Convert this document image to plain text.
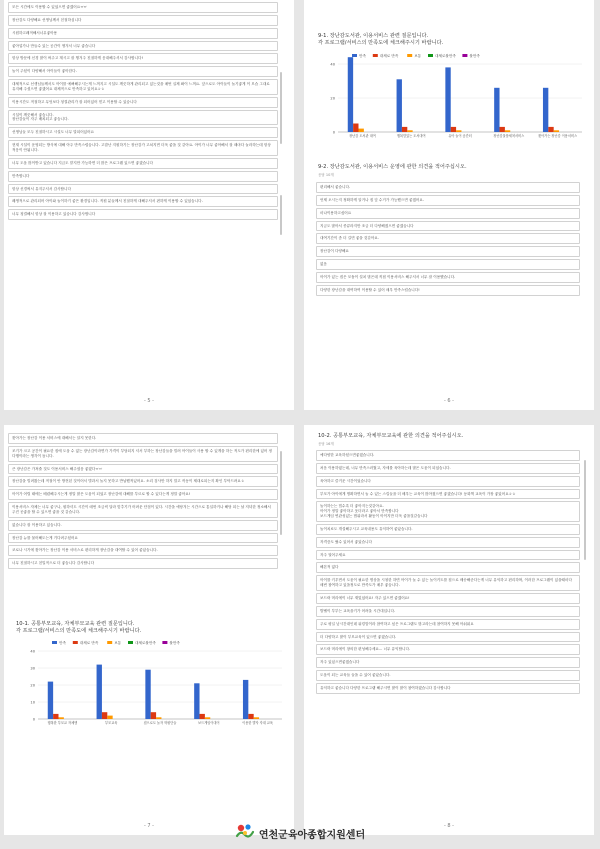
모든 시간에도 이용할 수 있었으면 좋겠어요ㅠㅠ
장난감도 다양해요 선생님께서 친절하십니다
시원하고쾌적해서너무좋아용
좋아업가나 만들수 있는 공간이 생겨서 너무 좋습니다
항상 방문에 신경 많이 써주고 계시고 잘 챙겨주 친절하게 응대해주셔서 감사합니다!
놀이 주셨이 다양해서 아이들이 좋아한다.
대체적으로 선생님들께서도 아이를 예뻐해주시는게 느껴지고 시설도 깨끗하게 관리되고 있는것을 매번 실제 봐이 느껴요. 앞으로도 아이들이 놀기좋게 이 모습 그대로 유지해 주셨으면 좋겠어요 대체적으로 만족하고 있어요ㅎㅎ
이용시간도 적절하고 무엇보다 청결관리가 잘 되어있어 믿고 이용할 수 있습니다
시설이 깨끗해서 좋습니다.
장난감들이 자주 배치되고 좋습니다.
선생님들 모두 친절하시고 시설도 너무 말되어있어요
현재 시설이 운영되는 방식에 대해 아주 만족스럽습니다. 고맙난 지원하기는 장난감가 고쳐지면 더욱 좋을 것 같아요. 아이가 너무 좋아해서 잘 때마다 놀라하는데 항상 적응이 안됩니다.
너무 도움 많이받고 있습니다 지금도 맡지만 가능하면 더 많은 프로그램 있으면 좋겠습니다
만족합니다
항상 신경써서 유지주셔서 감사합니다
쾌생적으로 관리되어 아이와 놀이하기 좋은 환경입니다. 직원 분들께서 친절하게 대해주셔서 편하게 이용할 수 있었습니다.
너무 청결해서 항상 잘 이용하고 있습니다 감사합니다
- 5 -
9-1. 장난감도서관, 이용서비스 관련 질문입니다.
각 프로그램/서비스의 만족도에 체크해주시기 바랍니다.
만족	대체로 만족	보통	대체로불만족	불만족
0
20
40
장난감 도서관 대여	행복맘있는 도서대여	유아 놀이 공간터	장난감물품세척서비스	찾아가는 장난감 이용서비스
9-2. 장난감도서관, 이용서비스 운영에 관한 의견을 적어주십시오.
응답 10개
편리해서 좋습니다.
언제 오시는지 정확하게 알거나 집 앞 수거가 가능했으면 좋겠어요.
마나이용하고싶어요
지금도 많아서 종류라지만 조금 더 다양해졌으면 좋겠습니다
대여기간이 좀 더 길면 좋을 것같아요.
장난감이 다양해요
없음
아이가 있는 집은 모둠이 설치 많은데 직접 이용서비스 해주셔서 너무 잘 이용했습니다.
다양한 장난감을 대여하여 이용할 수 있어 매우 만족스럽습니다!
- 6 -
찾아가는 장난감 이용 서비스에 대해서는 알지 못한다.
조기가 크고 공간이 필요한 집에 도움 수 없는 장난감이라면가 가격이 부담되지 셔서 부하는 장난감들을 빌려 아이들이 사용 할 수 있게을 하는 적도가 편리한에 있어 정 다행이라는 생각이 듭니다.
큰 장난감은 가져줄 것도 이용서비스 해주셨음 좋겠다ㅠㅠ
장난감을 빌려봤는데 적절이 안 방전된 것이어서 별과서 놀지 못하고 반납했적있어요. 소리 검사만 하지 말고 작동이 제대로되는지 확인 부탁드려요ㅎ
아이가 어릴 때에는 배렴해주시는게 정말 많은 도움이 되었고 장난감에 대해를 부르로 할 수 있다는게 정말 좋아요!
이용서비스 자체는 너무 좋구나, 원하셔도 시간이 매번 조금씩 달라 맞추기가 어려운 단점이 있다. 시간을 애당겨는 시간으로 통일하거나 해당 되는 날 저녁한 정소해서 주진 곧좋을 할 수 있으면 좋을 것 같습니다.
없습니다 잘 이용하고 있습니다.
장난감 뉴를 물어해도는게 기다려주셨어요
코로나 시기에 찾아가는 장난감 이용 서비스로 편리하게 장난감을 대여할 수 있어 좋았습니다.
너무 친절하시고 친밀적으로 더 좋습니다 감사합니다
10-1. 공통부모교육, 자체부모교육 관련 질문입니다.
각 프로그램/서비스의 만족도에 체크해주시기 바랍니다.
만족	대체로 만족	보통	대체로불만족	불만족
0
10
20
30
40
행복한 부모교 자체엔	부모교육	집으로도 놀자 학원단들	보드게임이대이	이용한 발자 자대 교육
- 7 -
10-2. 공통부모교육, 자체부모교육에 관한 의견을 적어주십시오.
응답 16개
예다양한 교육하셨으면좋겠습니다.
처음 이용하였는데, 너무 만족스러웠고, 자세를 육아하는데 많은 도움이 되었습니다.
육아하고 즐거운 시간이었습니다
부모가 아이에게 명확하면서 놀 수 있는 스킬들을 더 배우는 교육이 많아졌으면 좋겠습니다! 동화책 교육이 가장 좋았어요ㅎㅎ
놀이하는는 법수록 더 좋아지는것같아요.
아이가 정말 좋아하고 웃더라고 좋아서 만족합니다
보드게임 연관성있는 범위라서 활동이 아이지만 더욱 좋을것같습니다
놀이치료도 개설해주시고 교육내용도 유익하여 좋았습니다.
자격증도 땄수 있어서 좋았습니다
자주 열어주세요
해본적 없다
아이를 키우면서 도움이 필요한 명상을 시청한 하면 아이가 놀 수 있는 놀이키트를 집으로 배송해준다는게 너무 유익하고 편리하며, 이러한 프로그램이 있을때마다 매번 참여하고 있을정도로 만족도가 매우 좋습니다.
보드락 머리에이 너무 재밌었어요! 자주 있으면 좋겠어요!
발벨이 부부는 교육을기가 어려울 시간대입니다.
주로 평일 낮시간대인데 워킹맘이라 참여하고 싶은 프로그램도 많고라는데 참여하지 못해 아쉬워요
더 다양하고 많이 부모교육이 있으면 좋겠습니다.
보드락 머리에이 창의한 편성해주세요... 너무 유익합니다.
자주 있었으면좋겠습니다
도움이 되는 교육들 들을 수 있어 좋았습니다.
유익하고 좋습니다 다양한 프로그램 해주시면 많이 많이 참여하겠습니다 감사합니다
- 8 -
연천군육아종합지원센터
